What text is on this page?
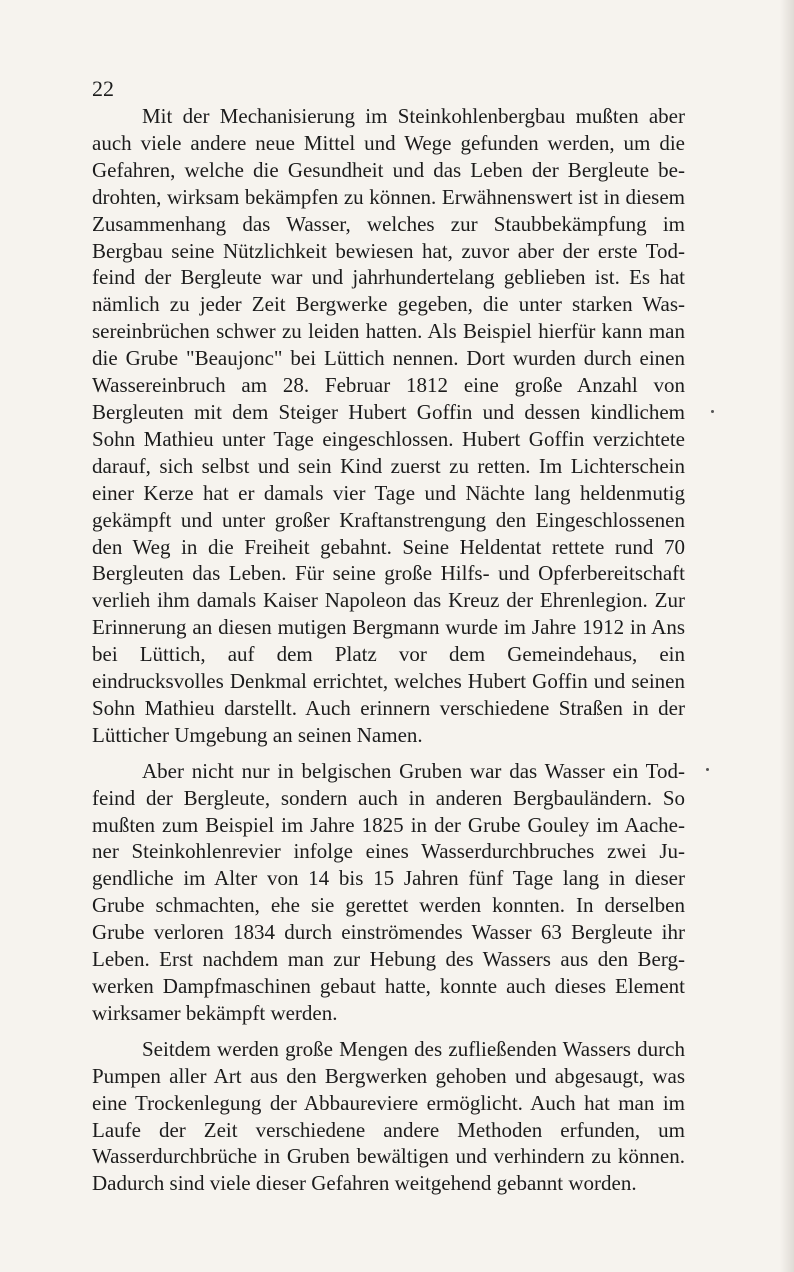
22

Mit der Mechanisierung im Steinkohlenbergbau mußten aber auch viele andere neue Mittel und Wege gefunden werden, um die Gefahren, welche die Gesundheit und das Leben der Bergleute bedrohten, wirksam bekämpfen zu können. Erwähnenswert ist in diesem Zusammenhang das Wasser, welches zur Staubbekämpfung im Bergbau seine Nützlichkeit bewiesen hat, zuvor aber der erste Todfeind der Bergleute war und jahrhundertelang geblieben ist. Es hat nämlich zu jeder Zeit Bergwerke gegeben, die unter starken Wassereinbrüchen schwer zu leiden hatten. Als Beispiel hierfür kann man die Grube "Beaujonc" bei Lüttich nennen. Dort wurden durch einen Wassereinbruch am 28. Februar 1812 eine große Anzahl von Bergleuten mit dem Steiger Hubert Goffin und dessen kindlichem Sohn Mathieu unter Tage eingeschlossen. Hubert Goffin verzichtete darauf, sich selbst und sein Kind zuerst zu retten. Im Lichterschein einer Kerze hat er damals vier Tage und Nächte lang heldenmutig gekämpft und unter großer Kraftanstrengung den Eingeschlossenen den Weg in die Freiheit gebahnt. Seine Heldentat rettete rund 70 Bergleuten das Leben. Für seine große Hilfs- und Opferbereitschaft verlieh ihm damals Kaiser Napoleon das Kreuz der Ehrenlegion. Zur Erinnerung an diesen mutigen Bergmann wurde im Jahre 1912 in Ans bei Lüttich, auf dem Platz vor dem Gemeindehaus, ein eindrucksvolles Denkmal errichtet, welches Hubert Goffin und seinen Sohn Mathieu darstellt. Auch erinnern verschiedene Straßen in der Lütticher Umgebung an seinen Namen.

Aber nicht nur in belgischen Gruben war das Wasser ein Todfeind der Bergleute, sondern auch in anderen Bergbauländern. So mußten zum Beispiel im Jahre 1825 in der Grube Gouley im Aachener Steinkohlenrevier infolge eines Wasserdurchbruches zwei Jugendliche im Alter von 14 bis 15 Jahren fünf Tage lang in dieser Grube schmachten, ehe sie gerettet werden konnten. In derselben Grube verloren 1834 durch einströmendes Wasser 63 Bergleute ihr Leben. Erst nachdem man zur Hebung des Wassers aus den Bergwerken Dampfmaschinen gebaut hatte, konnte auch dieses Element wirksamer bekämpft werden.

Seitdem werden große Mengen des zufließenden Wassers durch Pumpen aller Art aus den Bergwerken gehoben und abgesaugt, was eine Trockenlegung der Abbaureviere ermöglicht. Auch hat man im Laufe der Zeit verschiedene andere Methoden erfunden, um Wasserdurchbrüche in Gruben bewältigen und verhindern zu können. Dadurch sind viele dieser Gefahren weitgehend gebannt worden.
